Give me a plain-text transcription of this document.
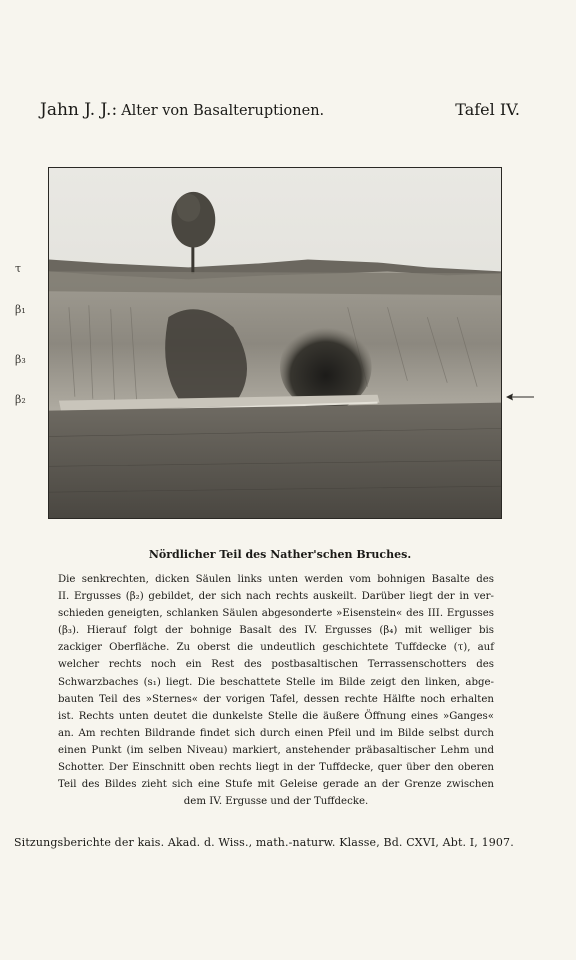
Jahn J. J.: Alter von Basalteruptionen.	Tafel IV.
τ
β₁
β₃
β₂
Nördlicher Teil des Nather'schen Bruches.
Die senkrechten, dicken Säulen links unten werden vom bohnigen Basalte des
II. Ergusses (β₂) gebildet, der sich nach rechts auskeilt. Darüber liegt der in ver-
schieden geneigten, schlanken Säulen abgesonderte »Eisenstein« des III. Ergusses
(β₃). Hierauf folgt der bohnige Basalt des IV. Ergusses (β₄) mit welliger bis
zackiger Oberfläche. Zu oberst die undeutlich geschichtete Tuffdecke (τ), auf
welcher rechts noch ein Rest des postbasaltischen Terrassenschotters des
Schwarzbaches (s₁) liegt. Die beschattete Stelle im Bilde zeigt den linken, abge-
bauten Teil des »Sternes« der vorigen Tafel, dessen rechte Hälfte noch erhalten
ist. Rechts unten deutet die dunkelste Stelle die äußere Öffnung eines »Ganges«
an. Am rechten Bildrande findet sich durch einen Pfeil und im Bilde selbst durch
einen Punkt (im selben Niveau) markiert, anstehender präbasaltischer Lehm und
Schotter. Der Einschnitt oben rechts liegt in der Tuffdecke, quer über den oberen
Teil des Bildes zieht sich eine Stufe mit Geleise gerade an der Grenze zwischen
dem IV. Ergusse und der Tuffdecke.
Sitzungsberichte der kais. Akad. d. Wiss., math.-naturw. Klasse, Bd. CXVI, Abt. I, 1907.
